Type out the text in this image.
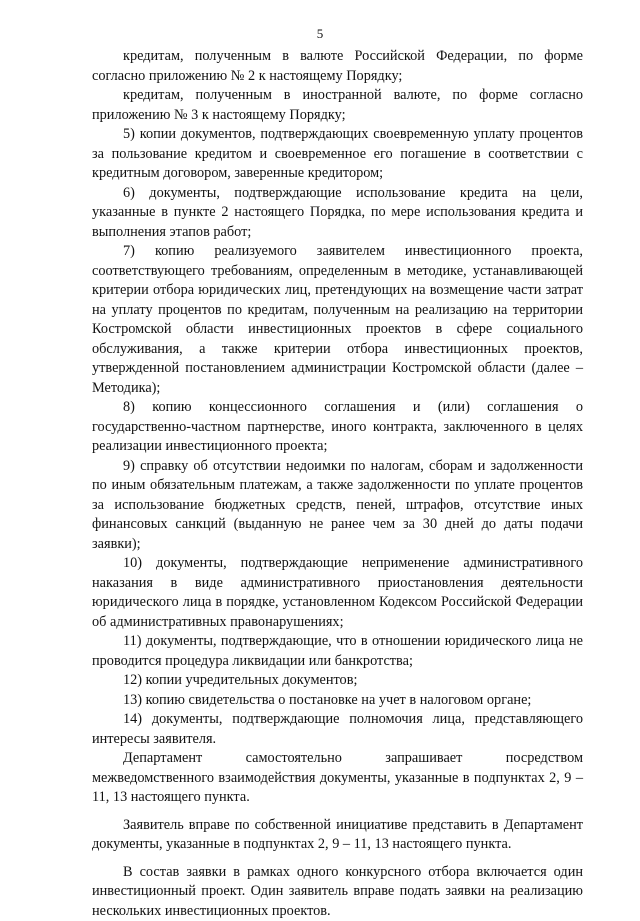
5

кредитам, полученным в валюте Российской Федерации, по форме согласно приложению № 2 к настоящему Порядку;

кредитам, полученным в иностранной валюте, по форме согласно приложению № 3 к настоящему Порядку;

5) копии документов, подтверждающих своевременную уплату процентов за пользование кредитом и своевременное его погашение в соответствии с кредитным договором, заверенные кредитором;

6) документы, подтверждающие использование кредита на цели, указанные в пункте 2 настоящего Порядка, по мере использования кредита и выполнения этапов работ;

7) копию реализуемого заявителем инвестиционного проекта, соответствующего требованиям, определенным в методике, устанавливающей критерии отбора юридических лиц, претендующих на возмещение части затрат на уплату процентов по кредитам, полученным на реализацию на территории Костромской области инвестиционных проектов в сфере социального обслуживания, а также критерии отбора инвестиционных проектов, утвержденной постановлением администрации Костромской области (далее – Методика);

8) копию концессионного соглашения и (или) соглашения о государственно-частном партнерстве, иного контракта, заключенного в целях реализации инвестиционного проекта;

9) справку об отсутствии недоимки по налогам, сборам и задолженности по иным обязательным платежам, а также задолженности по уплате процентов за использование бюджетных средств, пеней, штрафов, отсутствие иных финансовых санкций (выданную не ранее чем за 30 дней до даты подачи заявки);

10) документы, подтверждающие неприменение административного наказания в виде административного приостановления деятельности юридического лица в порядке, установленном Кодексом Российской Федерации об административных правонарушениях;

11) документы, подтверждающие, что в отношении юридического лица не проводится процедура ликвидации или банкротства;

12) копии учредительных документов;

13) копию свидетельства о постановке на учет в налоговом органе;

14) документы, подтверждающие полномочия лица, представляющего интересы заявителя.

Департамент самостоятельно запрашивает посредством межведомственного взаимодействия документы, указанные в подпунктах 2, 9 – 11, 13 настоящего пункта.

Заявитель вправе по собственной инициативе представить в Департамент документы, указанные в подпунктах 2, 9 – 11, 13 настоящего пункта.

В состав заявки в рамках одного конкурсного отбора включается один инвестиционный проект. Один заявитель вправе подать заявки на реализацию нескольких инвестиционных проектов.
